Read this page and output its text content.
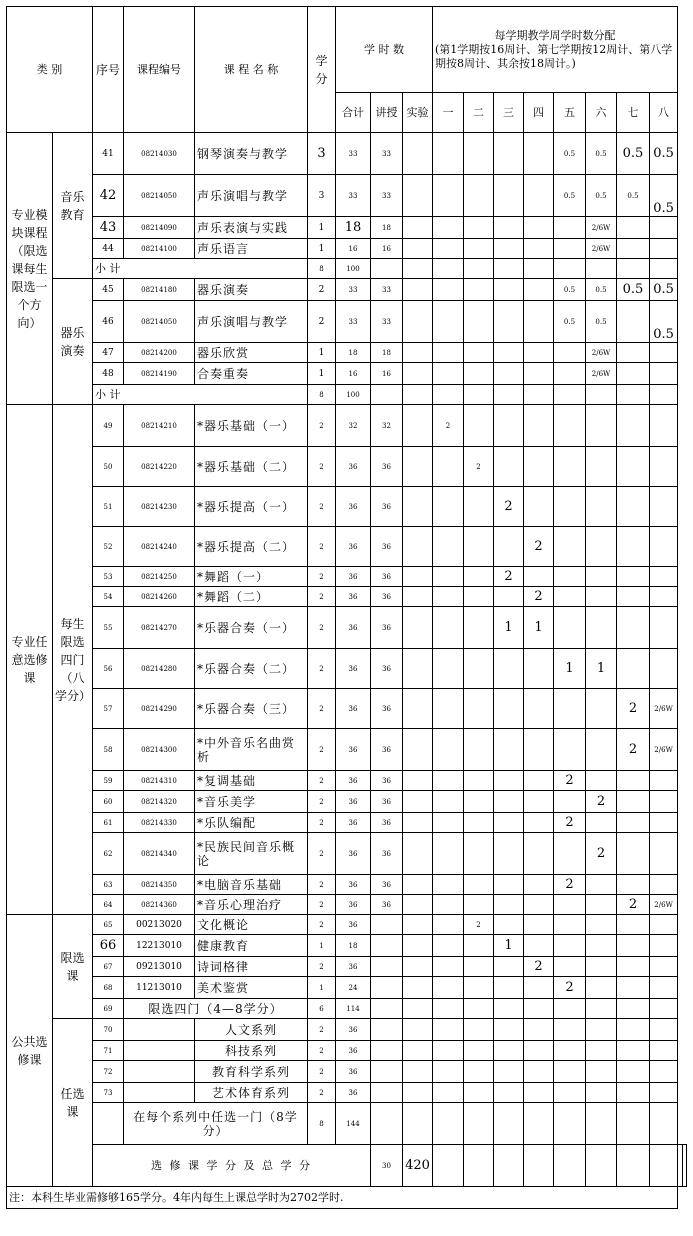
类 别		序号	课程编号	课 程 名 称	学分	学 时 数			每学期教学周学时数分配
(第1学期按16周计、第七学期按12周计、第八学期按8周计、其余按18周计。)									

						合计	讲授	实验	一	二	三	四	五	六	七	八		
专业模块课程（限选课每生限选一个方向）	音乐教育	41	08214030	钢琴演奏与教学	3	33	33						0.5	0.5	0.5	0.5		
		42	08214050	声乐演唱与教学	3	33	33						0.5	0.5	0.5	0.5		
		43	08214090	声乐表演与实践	1	18	18							2/6W				
		44	08214100	声乐语言	1	16	16							2/6W				
		小 计			8	100												
	器乐演奏	45	08214180	器乐演奏	2	33	33						0.5	0.5	0.5	0.5		
		46	08214050	声乐演唱与教学	2	33	33						0.5	0.5		0.5		
		47	08214200	器乐欣赏	1	18	18							2/6W				
		48	08214190	合奏重奏	1	16	16							2/6W				
		小 计			8	100												
专业任意选修课	每生限选四门（八学分）	49	08214210	*器乐基础（一）	2	32	32		2									
		50	08214220	*器乐基础（二）	2	36	36			2								
		51	08214230	*器乐提高（一）	2	36	36				2							
		52	08214240	*器乐提高（二）	2	36	36					2						
		53	08214250	*舞蹈（一）	2	36	36				2							
		54	08214260	*舞蹈（二）	2	36	36					2						
		55	08214270	*乐器合奏（一）	2	36	36				1	1						
		56	08214280	*乐器合奏（二）	2	36	36						1	1				
		57	08214290	*乐器合奏（三）	2	36	36								2	2/6W		
		58	08214300	*中外音乐名曲赏析	2	36	36								2	2/6W		
		59	08214310	*复调基础	2	36	36						2					
		60	08214320	*音乐美学	2	36	36							2				
		61	08214330	*乐队编配	2	36	36						2					
		62	08214340	*民族民间音乐概论	2	36	36							2				
		63	08214350	*电脑音乐基础	2	36	36						2					
		64	08214360	*音乐心理治疗	2	36	36								2	2/6W		
公共选修课	限选课	65	00213020	文化概论	2	36				2								
		66	12213010	健康教育	1	18					1							
		67	09213010	诗词格律	2	36						2						
		68	11213010	美术鉴赏	1	24							2					
		69	限选四门（4—8学分）		6	114												
	任选课	70		人文系列	2	36												
		71		科技系列	2	36												
		72		教育科学系列	2	36												
		73		艺术体育系列	2	36												
			在每个系列中任选一门（8学分）		8	144												
		选 修 课 学 分 及 总 学 分					30	420										
注：本科生毕业需修够165学分。4年内每生上课总学时为2702学时.																		
